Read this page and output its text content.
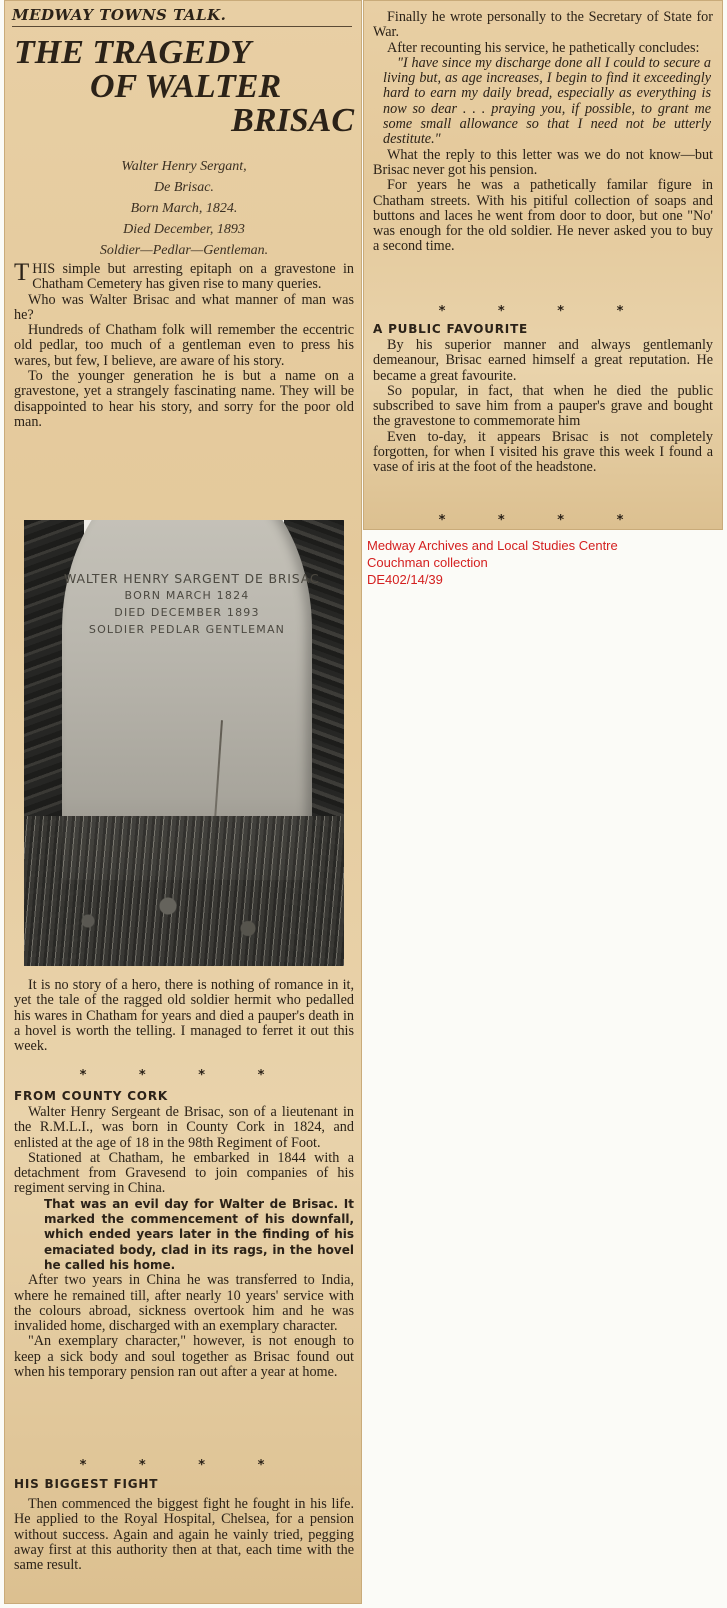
MEDWAY TOWNS TALK.
THE TRAGEDY
OF WALTER
BRISAC
Walter Henry Sergant,
De Brisac.
Born March, 1824.
Died December, 1893
Soldier—Pedlar—Gentleman.

THIS simple but arresting epitaph on a gravestone in Chatham Cemetery has given rise to many queries.

Who was Walter Brisac and what manner of man was he?

Hundreds of Chatham folk will remember the eccentric old pedlar, too much of a gentleman even to press his wares, but few, I believe, are aware of his story.

To the younger generation he is but a name on a gravestone, yet a strangely fascinating name. They will be disappointed to hear his story, and sorry for the poor old man.

WALTER HENRY SARGENT DE BRISAC
BORN MARCH 1824
DIED DECEMBER 1893
SOLDIER PEDLAR GENTLEMAN

It is no story of a hero, there is nothing of romance in it, yet the tale of the ragged old soldier hermit who pedalled his wares in Chatham for years and died a pauper's death in a hovel is worth the telling. I managed to ferret it out this week.

* * * *
FROM COUNTY CORK

Walter Henry Sergeant de Brisac, son of a lieutenant in the R.M.L.I., was born in County Cork in 1824, and enlisted at the age of 18 in the 98th Regiment of Foot.

Stationed at Chatham, he embarked in 1844 with a detachment from Gravesend to join companies of his regiment serving in China.

That was an evil day for Walter de Brisac. It marked the commencement of his downfall, which ended years later in the finding of his emaciated body, clad in its rags, in the hovel he called his home.

After two years in China he was transferred to India, where he remained till, after nearly 10 years' service with the colours abroad, sickness overtook him and he was invalided home, discharged with an exemplary character.

"An exemplary character," however, is not enough to keep a sick body and soul together as Brisac found out when his temporary pension ran out after a year at home.

* * * *
HIS BIGGEST FIGHT

Then commenced the biggest fight he fought in his life. He applied to the Royal Hospital, Chelsea, for a pension without success. Again and again he vainly tried, pegging away first at this authority then at that, each time with the same result.

Finally he wrote personally to the Secretary of State for War.

After recounting his service, he pathetically concludes:

"I have since my discharge done all I could to secure a living but, as age increases, I begin to find it exceedingly hard to earn my daily bread, especially as everything is now so dear . . . praying you, if possible, to grant me some small allowance so that I need not be utterly destitute."

What the reply to this letter was we do not know—but Brisac never got his pension.

For years he was a pathetically familar figure in Chatham streets. With his pitiful collection of soaps and buttons and laces he went from door to door, but one "No' was enough for the old soldier. He never asked you to buy a second time.

* * * *
A PUBLIC FAVOURITE

By his superior manner and always gentlemanly demeanour, Brisac earned himself a great reputation. He became a great favourite.

So popular, in fact, that when he died the public subscribed to save him from a pauper's grave and bought the gravestone to commemorate him

Even to-day, it appears Brisac is not completely forgotten, for when I visited his grave this week I found a vase of iris at the foot of the headstone.

* * * *
Medway Archives and Local Studies Centre
Couchman collection
DE402/14/39
